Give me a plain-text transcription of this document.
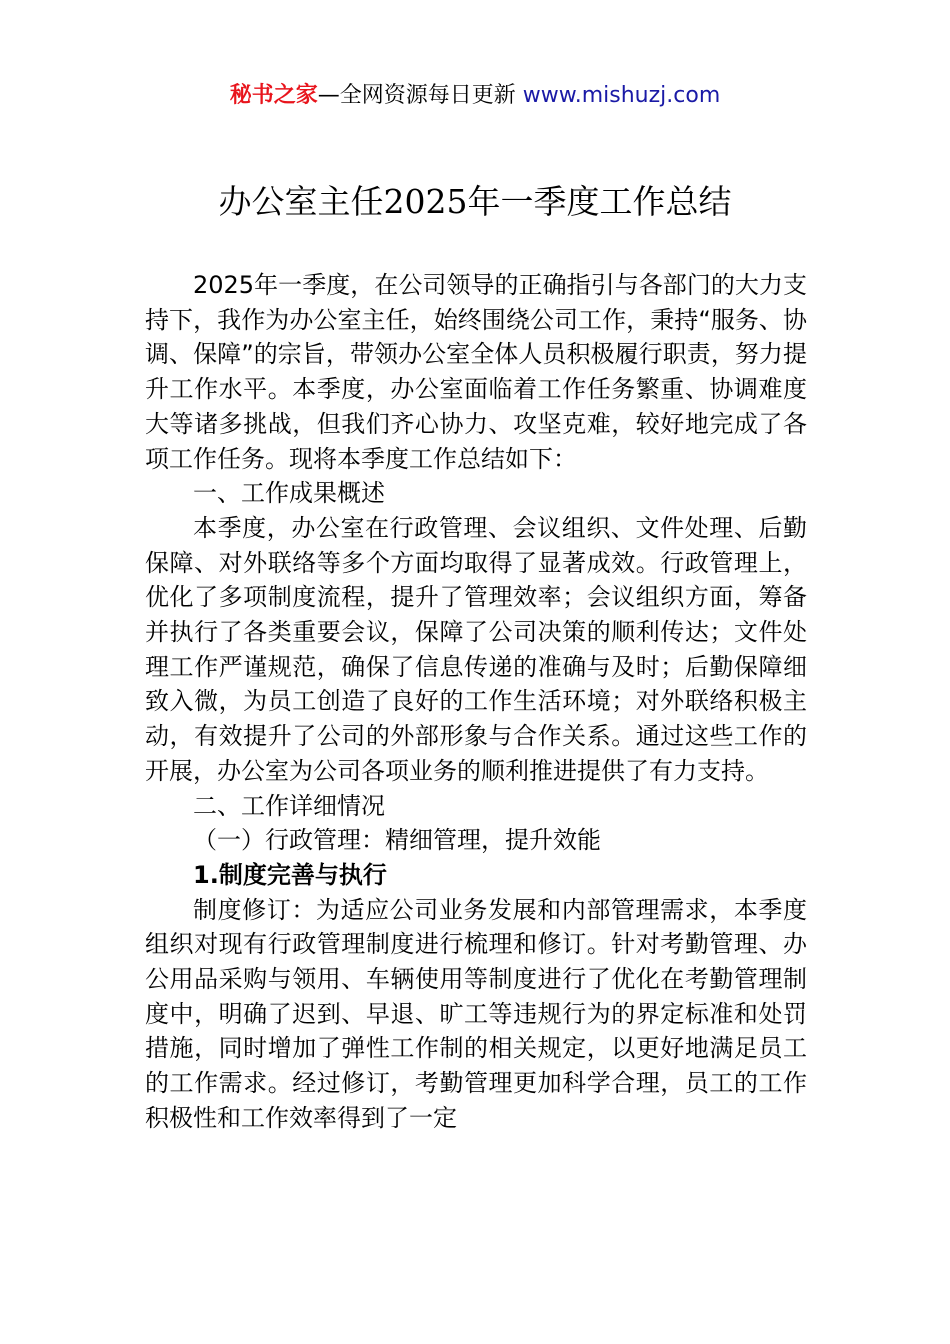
秘书之家—全网资源每日更新 www.mishuzj.com
办公室主任2025年一季度工作总结

2025年一季度，在公司领导的正确指引与各部门的大力支持下，我作为办公室主任，始终围绕公司工作，秉持“服务、协调、保障”的宗旨，带领办公室全体人员积极履行职责，努力提升工作水平。本季度，办公室面临着工作任务繁重、协调难度大等诸多挑战，但我们齐心协力、攻坚克难，较好地完成了各项工作任务。现将本季度工作总结如下：

一、工作成果概述

本季度，办公室在行政管理、会议组织、文件处理、后勤保障、对外联络等多个方面均取得了显著成效。行政管理上，优化了多项制度流程，提升了管理效率；会议组织方面，筹备并执行了各类重要会议，保障了公司决策的顺利传达；文件处理工作严谨规范，确保了信息传递的准确与及时；后勤保障细致入微，为员工创造了良好的工作生活环境；对外联络积极主动，有效提升了公司的外部形象与合作关系。通过这些工作的开展，办公室为公司各项业务的顺利推进提供了有力支持。

二、工作详细情况

（一）行政管理：精细管理，提升效能

1.制度完善与执行

制度修订：为适应公司业务发展和内部管理需求，本季度组织对现有行政管理制度进行梳理和修订。针对考勤管理、办公用品采购与领用、车辆使用等制度进行了优化在考勤管理制度中，明确了迟到、早退、旷工等违规行为的界定标准和处罚措施，同时增加了弹性工作制的相关规定，以更好地满足员工的工作需求。经过修订，考勤管理更加科学合理，员工的工作积极性和工作效率得到了一定
